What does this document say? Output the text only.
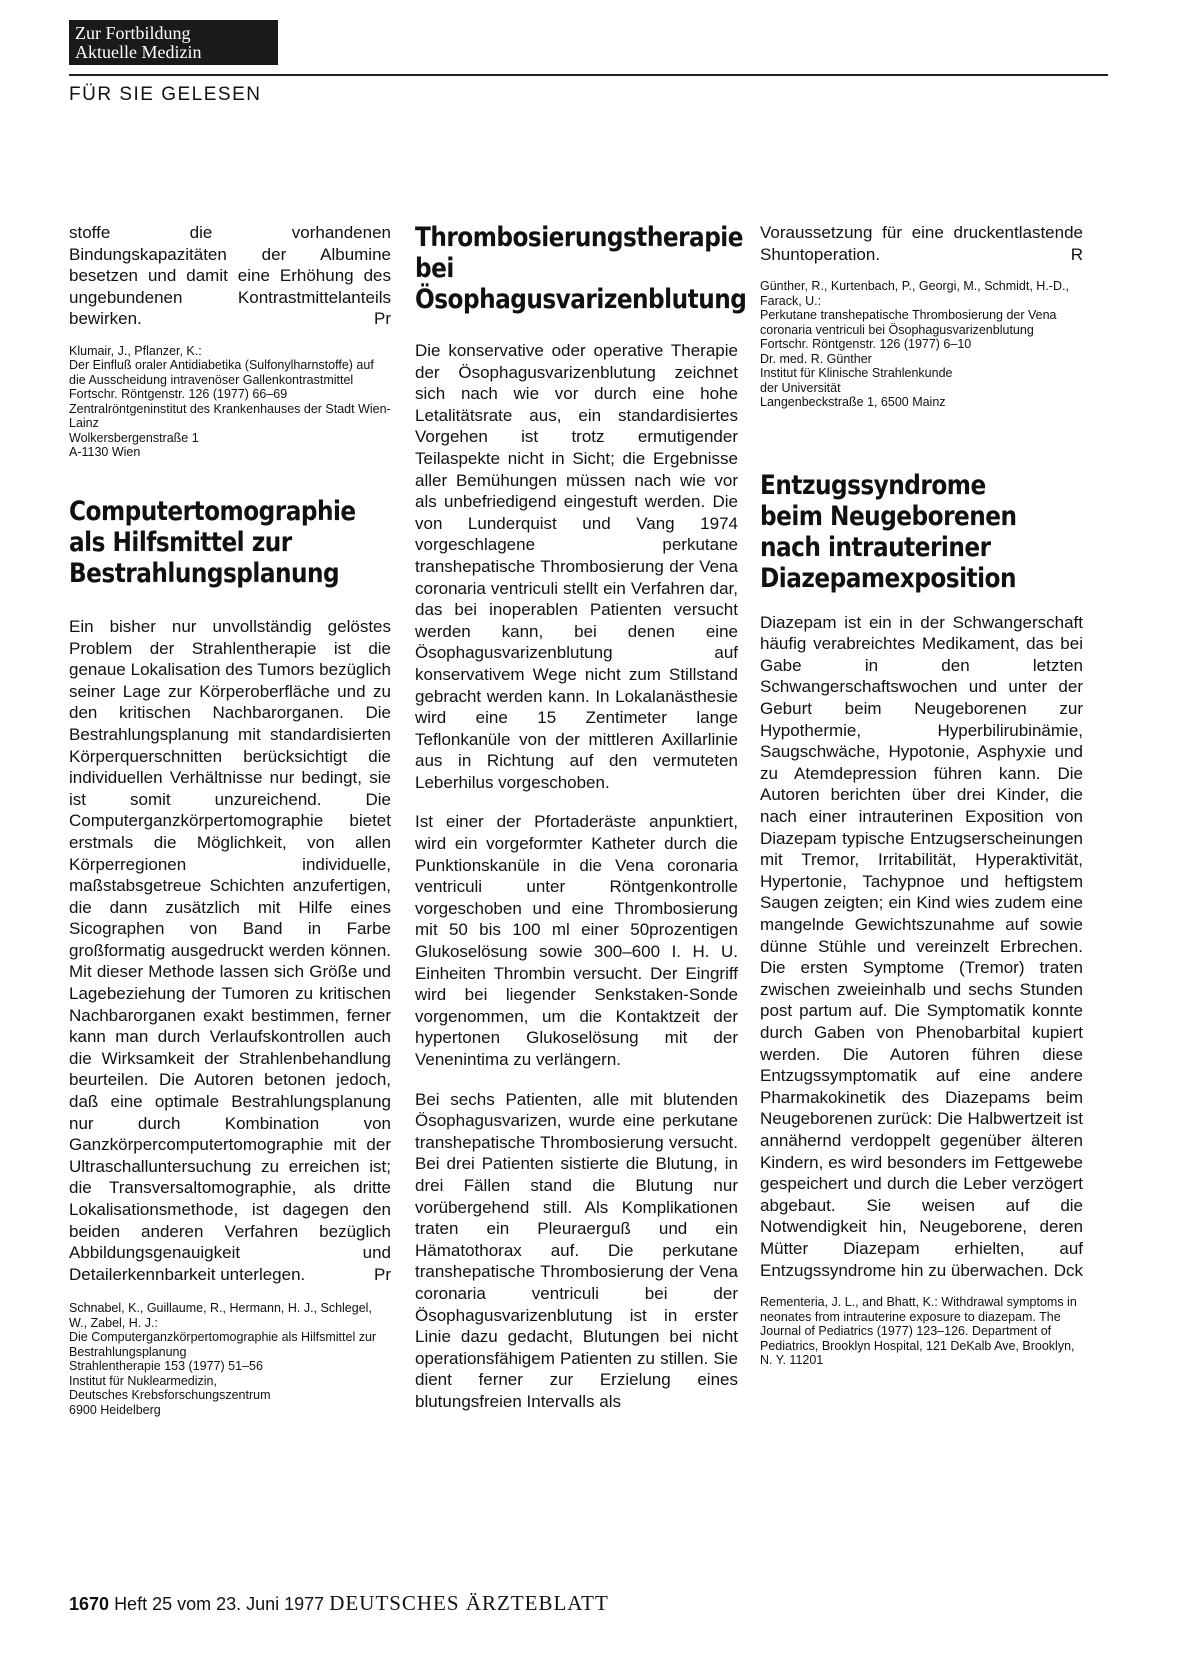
Zur Fortbildung
Aktuelle Medizin
FÜR SIE GELESEN

stoffe die vorhandenen Bindungskapazitäten der Albumine besetzen und damit eine Erhöhung des ungebundenen Kontrastmittelanteils bewirken.	Pr

Klumair, J., Pflanzer, K.:
Der Einfluß oraler Antidiabetika (Sulfonylharnstoffe) auf die Ausscheidung intravenöser Gallenkontrastmittel
Fortschr. Röntgenstr. 126 (1977) 66–69
Zentralröntgeninstitut des Krankenhauses der Stadt Wien-Lainz
Wolkersbergenstraße 1
A-1130 Wien
Computertomographie
als Hilfsmittel zur
Bestrahlungsplanung

Ein bisher nur unvollständig gelöstes Problem der Strahlentherapie ist die genaue Lokalisation des Tumors bezüglich seiner Lage zur Körperoberfläche und zu den kritischen Nachbarorganen. Die Bestrahlungsplanung mit standardisierten Körperquerschnitten berücksichtigt die individuellen Verhältnisse nur bedingt, sie ist somit unzureichend. Die Computerganzkörpertomographie bietet erstmals die Möglichkeit, von allen Körperregionen individuelle, maßstabsgetreue Schichten anzufertigen, die dann zusätzlich mit Hilfe eines Sicographen von Band in Farbe großformatig ausgedruckt werden können. Mit dieser Methode lassen sich Größe und Lagebeziehung der Tumoren zu kritischen Nachbarorganen exakt bestimmen, ferner kann man durch Verlaufskontrollen auch die Wirksamkeit der Strahlenbehandlung beurteilen. Die Autoren betonen jedoch, daß eine optimale Bestrahlungsplanung nur durch Kombination von Ganzkörpercomputertomographie mit der Ultraschalluntersuchung zu erreichen ist; die Transversaltomographie, als dritte Lokalisationsmethode, ist dagegen den beiden anderen Verfahren bezüglich Abbildungsgenauigkeit und Detailerkennbarkeit unterlegen.	Pr

Schnabel, K., Guillaume, R., Hermann, H. J., Schlegel, W., Zabel, H. J.:
Die Computerganzkörpertomographie als Hilfsmittel zur Bestrahlungsplanung
Strahlentherapie 153 (1977) 51–56
Institut für Nuklearmedizin,
Deutsches Krebsforschungszentrum
6900 Heidelberg
Thrombosierungstherapie
bei
Ösophagusvarizenblutung

Die konservative oder operative Therapie der Ösophagusvarizenblutung zeichnet sich nach wie vor durch eine hohe Letalitätsrate aus, ein standardisiertes Vorgehen ist trotz ermutigender Teilaspekte nicht in Sicht; die Ergebnisse aller Bemühungen müssen nach wie vor als unbefriedigend eingestuft werden. Die von Lunderquist und Vang 1974 vorgeschlagene perkutane transhepatische Thrombosierung der Vena coronaria ventriculi stellt ein Verfahren dar, das bei inoperablen Patienten versucht werden kann, bei denen eine Ösophagusvarizenblutung auf konservativem Wege nicht zum Stillstand gebracht werden kann. In Lokalanästhesie wird eine 15 Zentimeter lange Teflonkanüle von der mittleren Axillarlinie aus in Richtung auf den vermuteten Leberhilus vorgeschoben.

Ist einer der Pfortaderäste anpunktiert, wird ein vorgeformter Katheter durch die Punktionskanüle in die Vena coronaria ventriculi unter Röntgenkontrolle vorgeschoben und eine Thrombosierung mit 50 bis 100 ml einer 50prozentigen Glukoselösung sowie 300–600 I. H. U. Einheiten Thrombin versucht. Der Eingriff wird bei liegender Senkstaken-Sonde vorgenommen, um die Kontaktzeit der hypertonen Glukoselösung mit der Venenintima zu verlängern.

Bei sechs Patienten, alle mit blutenden Ösophagusvarizen, wurde eine perkutane transhepatische Thrombosierung versucht. Bei drei Patienten sistierte die Blutung, in drei Fällen stand die Blutung nur vorübergehend still. Als Komplikationen traten ein Pleuraerguß und ein Hämatothorax auf. Die perkutane transhepatische Thrombosierung der Vena coronaria ventriculi bei der Ösophagusvarizenblutung ist in erster Linie dazu gedacht, Blutungen bei nicht operationsfähigem Patienten zu stillen. Sie dient ferner zur Erzielung eines blutungsfreien Intervalls als

Voraussetzung für eine druckentlastende Shuntoperation.	R

Günther, R., Kurtenbach, P., Georgi, M., Schmidt, H.-D., Farack, U.:
Perkutane transhepatische Thrombosierung der Vena coronaria ventriculi bei Ösophagusvarizenblutung
Fortschr. Röntgenstr. 126 (1977) 6–10
Dr. med. R. Günther
Institut für Klinische Strahlenkunde
der Universität
Langenbeckstraße 1, 6500 Mainz
Entzugssyndrome
beim Neugeborenen
nach intrauteriner
Diazepamexposition

Diazepam ist ein in der Schwangerschaft häufig verabreichtes Medikament, das bei Gabe in den letzten Schwangerschaftswochen und unter der Geburt beim Neugeborenen zur Hypothermie, Hyperbilirubinämie, Saugschwäche, Hypotonie, Asphyxie und zu Atemdepression führen kann. Die Autoren berichten über drei Kinder, die nach einer intrauterinen Exposition von Diazepam typische Entzugserscheinungen mit Tremor, Irritabilität, Hyperaktivität, Hypertonie, Tachypnoe und heftigstem Saugen zeigten; ein Kind wies zudem eine mangelnde Gewichtszunahme auf sowie dünne Stühle und vereinzelt Erbrechen. Die ersten Symptome (Tremor) traten zwischen zweieinhalb und sechs Stunden post partum auf. Die Symptomatik konnte durch Gaben von Phenobarbital kupiert werden. Die Autoren führen diese Entzugssymptomatik auf eine andere Pharmakokinetik des Diazepams beim Neugeborenen zurück: Die Halbwertzeit ist annähernd verdoppelt gegenüber älteren Kindern, es wird besonders im Fettgewebe gespeichert und durch die Leber verzögert abgebaut. Sie weisen auf die Notwendigkeit hin, Neugeborene, deren Mütter Diazepam erhielten, auf Entzugssyndrome hin zu überwachen. Dck

Rementeria, J. L., and Bhatt, K.: Withdrawal symptoms in neonates from intrauterine exposure to diazepam. The Journal of Pediatrics (1977) 123–126. Department of Pediatrics, Brooklyn Hospital, 121 DeKalb Ave, Brooklyn, N. Y. 11201

1670 Heft 25 vom 23. Juni 1977 DEUTSCHES ÄRZTEBLATT
